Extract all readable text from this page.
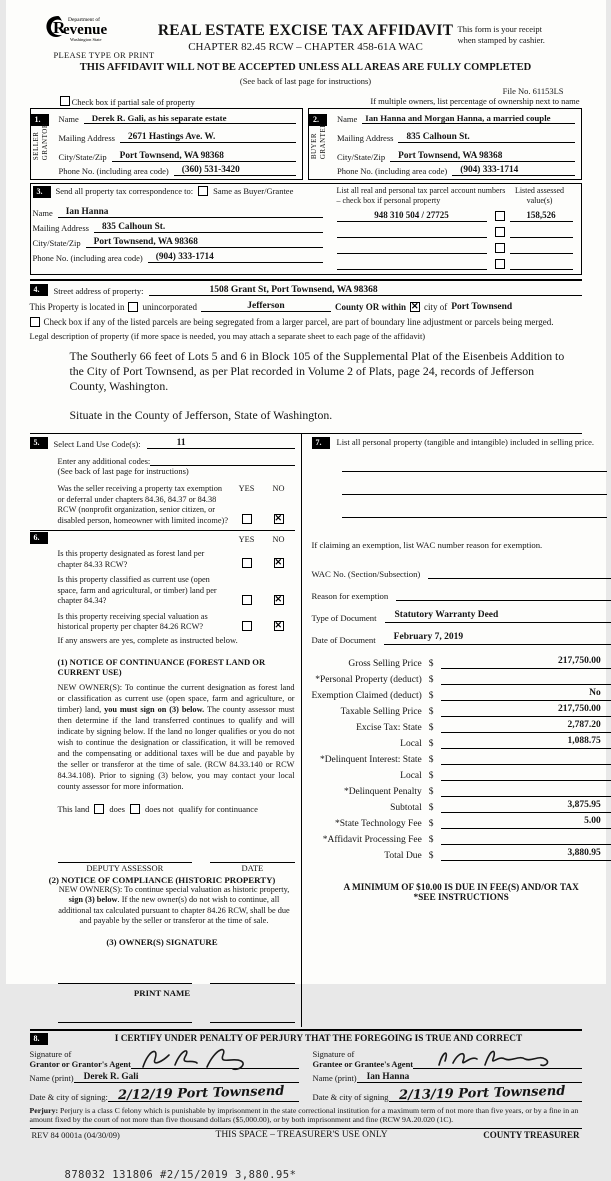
R Department of
evenue
Washington State
PLEASE TYPE OR PRINT
REAL ESTATE EXCISE TAX AFFIDAVIT
CHAPTER 82.45 RCW – CHAPTER 458-61A WAC
This form is your receipt
when stamped by cashier.
THIS AFFIDAVIT WILL NOT BE ACCEPTED UNLESS ALL AREAS ARE FULLY COMPLETED
(See back of last page for instructions)
File No. 61153LS
Check box if partial sale of property	If multiple owners, list percentage of ownership next to name
1.
SELLER GRANTOR
Name	Derek R. Gali, as his separate estate
Mailing Address	2671 Hastings Ave. W.
City/State/Zip	Port Townsend, WA 98368
Phone No. (including area code)	(360) 531-3420
2.
BUYER GRANTEE
Name Ian Hanna and Morgan Hanna, a married couple
Mailing Address	835 Calhoun St.
City/State/Zip	Port Townsend, WA 98368
Phone No. (including area code)	(904) 333-1714
3.	Send all property tax correspondence to: Same as Buyer/Grantee
Name	Ian Hanna
Mailing Address	835 Calhoun St.
City/State/Zip	Port Townsend, WA 98368
Phone No. (including area code)	(904) 333-1714
List all real and personal tax parcel account numbers – check box if personal property
Listed assessed value(s)
948 310 504 / 27725	158,526
4.	Street address of property:	1508 Grant St, Port Townsend, WA 98368
This Property is located in unincorporated	Jefferson	County OR within ✕ city of Port Townsend
Check box if any of the listed parcels are being segregated from a larger parcel, are part of boundary line adjustment or parcels being merged.
Legal description of property (if more space is needed, you may attach a separate sheet to each page of the affidavit)
The Southerly 66 feet of Lots 5 and 6 in Block 105 of the Supplemental Plat of the Eisenbeis Addition to the City of Port Townsend, as per Plat recorded in Volume 2 of Plats, page 24, records of Jefferson County, Washington.
Situate in the County of Jefferson, State of Washington.
5.	Select Land Use Code(s):	11
Enter any additional codes:
(See back of last page for instructions)
Was the seller receiving a property tax exemption or deferral under chapters 84.36, 84.37 or 84.38 RCW (nonprofit organization, senior citizen, or disabled person, homeowner with limited income)?
YES	NO
✕
6.	YES	NO
Is this property designated as forest land per chapter 84.33 RCW?
✕
Is this property classified as current use (open space, farm and agricultural, or timber) land per chapter 84.34?
✕
Is this property receiving special valuation as historical property per chapter 84.26 RCW?
✕
If any answers are yes, complete as instructed below.
(1) NOTICE OF CONTINUANCE (FOREST LAND OR CURRENT USE)
NEW OWNER(S): To continue the current designation as forest land or classification as current use (open space, farm and agriculture, or timber) land, you must sign on (3) below. The county assessor must then determine if the land transferred continues to qualify and will indicate by signing below. If the land no longer qualifies or you do not wish to continue the designation or classification, it will be removed and the compensating or additional taxes will be due and payable by the seller or transferor at the time of sale. (RCW 84.33.140 or RCW 84.34.108). Prior to signing (3) below, you may contact your local county assessor for more information.
This land does does not qualify for continuance
DEPUTY ASSESSOR	DATE
(2) NOTICE OF COMPLIANCE (HISTORIC PROPERTY)
NEW OWNER(S): To continue special valuation as historic property, sign (3) below. If the new owner(s) do not wish to continue, all additional tax calculated pursuant to chapter 84.26 RCW, shall be due and payable by the seller or transferor at the time of sale.
(3) OWNER(S) SIGNATURE
PRINT NAME
7.	List all personal property (tangible and intangible) included in selling price.
If claiming an exemption, list WAC number reason for exemption.
WAC No. (Section/Subsection)
Reason for exemption
Type of Document	Statutory Warranty Deed
Date of Document	February 7, 2019
Gross Selling Price $	217,750.00
*Personal Property (deduct) $
Exemption Claimed (deduct) $	No
Taxable Selling Price $	217,750.00
Excise Tax: State $	2,787.20
Local $	1,088.75
*Delinquent Interest: State $
Local $
*Delinquent Penalty $
Subtotal $	3,875.95
*State Technology Fee $	5.00
*Affidavit Processing Fee $
Total Due $	3,880.95
A MINIMUM OF $10.00 IS DUE IN FEE(S) AND/OR TAX
*SEE INSTRUCTIONS
8.	I CERTIFY UNDER PENALTY OF PERJURY THAT THE FOREGOING IS TRUE AND CORRECT
Signature of
Grantor or Grantor's Agent
Name (print)	Derek R. Gali
Date & city of signing: 2/12/19 Port Townsend
Signature of
Grantee or Grantee's Agent
Name (print)	Ian Hanna
Date & city of signing 2/13/19 Port Townsend
Perjury: Perjury is a class C felony which is punishable by imprisonment in the state correctional institution for a maximum term of not more than five years, or by a fine in an amount fixed by the court of not more than five thousand dollars ($5,000.00), or by both imprisonment and fine (RCW 9A.20.020 (1C).
REV 84 0001a (04/30/09)	THIS SPACE – TREASURER'S USE ONLY	COUNTY TREASURER
878032 131806 #2/15/2019 3,880.95*
